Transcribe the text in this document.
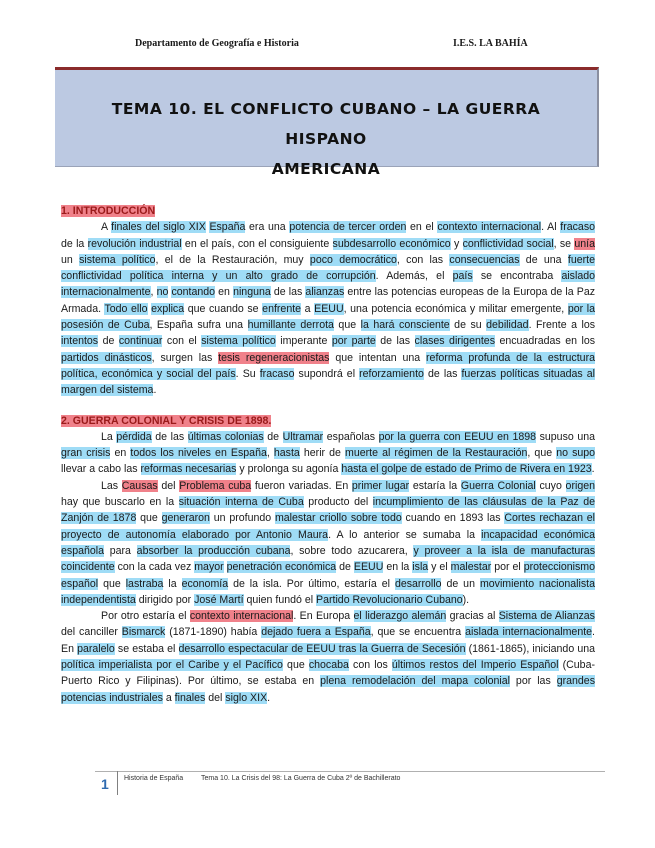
Departamento de Geografía e Historia	I.E.S. LA BAHÍA
TEMA 10. EL CONFLICTO CUBANO – LA GUERRA HISPANO
AMERICANA

1. INTRODUCCIÓN

A finales del siglo XIX España era una potencia de tercer orden en el contexto internacional. Al fracaso de la revolución industrial en el país, con el consiguiente subdesarrollo económico y conflictividad social, se unía un sistema político, el de la Restauración, muy poco democrático, con las consecuencias de una fuerte conflictividad política interna y un alto grado de corrupción. Además, el país se encontraba aislado internacionalmente, no contando en ninguna de las alianzas entre las potencias europeas de la Europa de la Paz Armada. Todo ello explica que cuando se enfrente a EEUU, una potencia económica y militar emergente, por la posesión de Cuba, España sufra una humillante derrota que la hará consciente de su debilidad. Frente a los intentos de continuar con el sistema político imperante por parte de las clases dirigentes encuadradas en los partidos dinásticos, surgen las tesis regeneracionistas que intentan una reforma profunda de la estructura política, económica y social del país. Su fracaso supondrá el reforzamiento de las fuerzas políticas situadas al margen del sistema.

2. GUERRA COLONIAL Y CRISIS DE 1898.

La pérdida de las últimas colonias de Ultramar españolas por la guerra con EEUU en 1898 supuso una gran crisis en todos los niveles en España, hasta herir de muerte al régimen de la Restauración, que no supo llevar a cabo las reformas necesarias y prolonga su agonía hasta el golpe de estado de Primo de Rivera en 1923.

Las Causas del Problema cuba fueron variadas. En primer lugar estaría la Guerra Colonial cuyo origen hay que buscarlo en la situación interna de Cuba producto del incumplimiento de las cláusulas de la Paz de Zanjón de 1878 que generaron un profundo malestar criollo sobre todo cuando en 1893 las Cortes rechazan el proyecto de autonomía elaborado por Antonio Maura. A lo anterior se sumaba la incapacidad económica española para absorber la producción cubana, sobre todo azucarera, y proveer a la isla de manufacturas coincidente con la cada vez mayor penetración económica de EEUU en la isla y el malestar por el proteccionismo español que lastraba la economía de la isla. Por último, estaría el desarrollo de un movimiento nacionalista independentista dirigido por José Martí quien fundó el Partido Revolucionario Cubano).

Por otro estaría el contexto internacional. En Europa el liderazgo alemán gracias al Sistema de Alianzas del canciller Bismarck (1871-1890) había dejado fuera a España, que se encuentra aislada internacionalmente. En paralelo se estaba el desarrollo espectacular de EEUU tras la Guerra de Secesión (1861-1865), iniciando una política imperialista por el Caribe y el Pacífico que chocaba con los últimos restos del Imperio Español (Cuba-Puerto Rico y Filipinas). Por último, se estaba en plena remodelación del mapa colonial por las grandes potencias industriales a finales del siglo XIX.

1 Historia de España	Tema 10. La Crisis del 98: La Guerra de Cuba 2º de Bachillerato
